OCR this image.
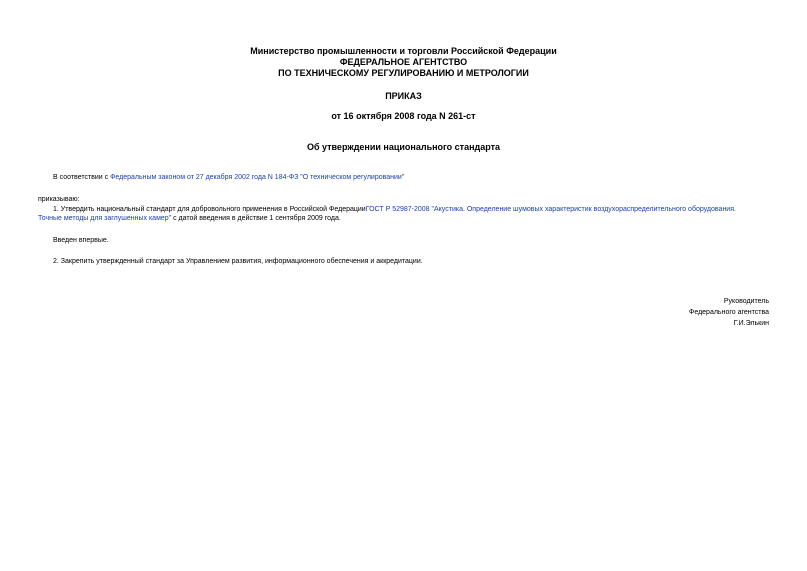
Министерство промышленности и торговли Российской Федерации
ФЕДЕРАЛЬНОЕ АГЕНТСТВО
ПО ТЕХНИЧЕСКОМУ РЕГУЛИРОВАНИЮ И МЕТРОЛОГИИ
ПРИКАЗ
от 16 октября 2008 года N 261-ст
Об утверждении национального стандарта
В соответствии с Федеральным законом от 27 декабря 2002 года N 184-ФЗ "О техническом регулировании"
приказываю:
1. Утвердить национальный стандарт для добровольного применения в Российской ФедерацииГОСТ Р 52987-2008 "Акустика. Определение шумовых характеристик воздухораспределительного оборудования.
Точные методы для заглушенных камер" с датой введения в действие 1 сентября 2009 года.
Введен впервые.
2. Закрепить утвержденный стандарт за Управлением развития, информационного обеспечения и аккредитации.
Руководитель
Федерального агентства
Г.И.Элькин
